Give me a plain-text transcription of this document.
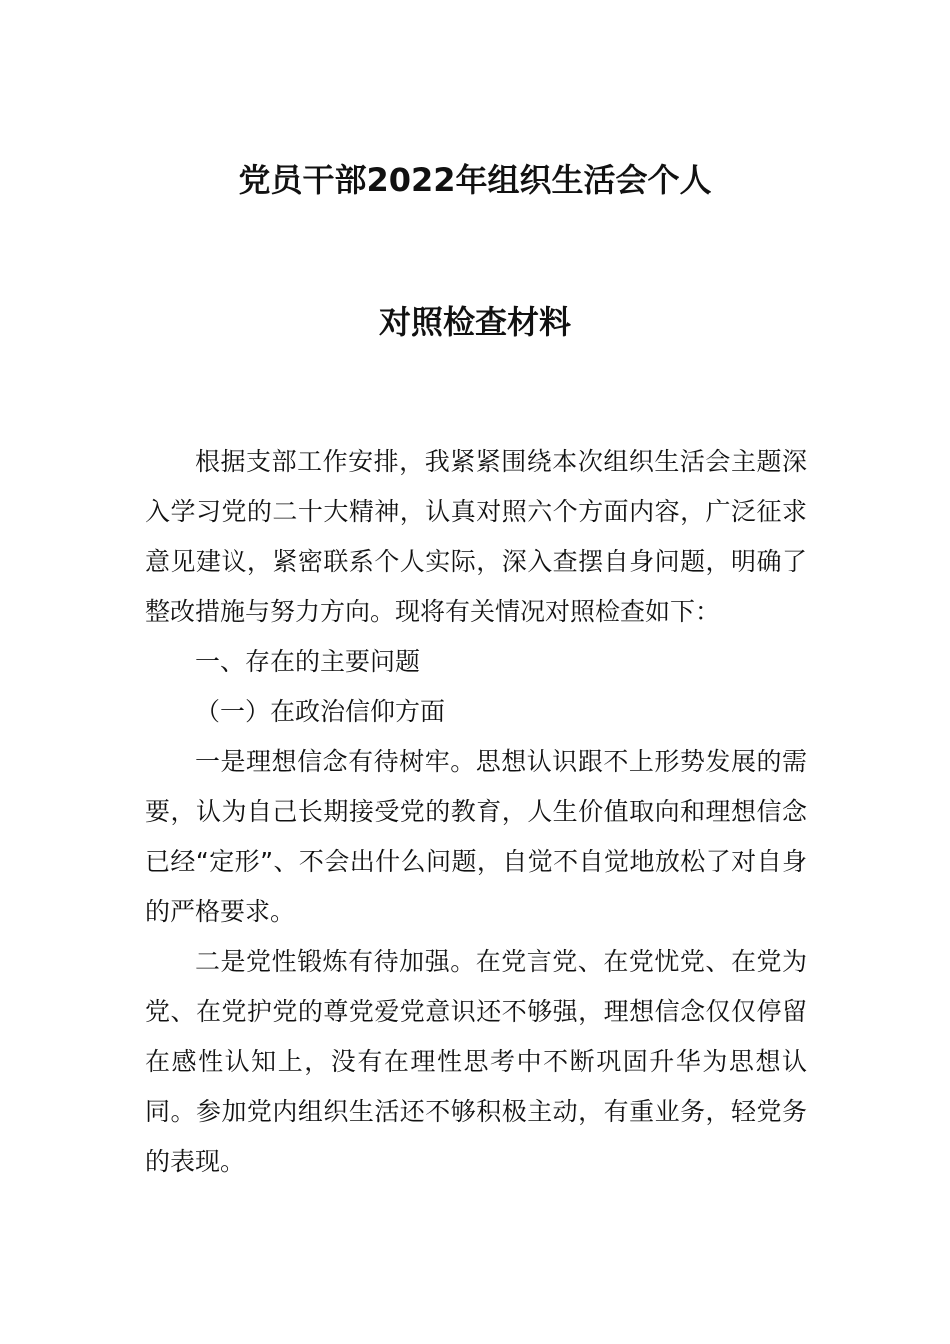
党员干部2022年组织生活会个人
对照检查材料

根据支部工作安排，我紧紧围绕本次组织生活会主题深入学习党的二十大精神，认真对照六个方面内容，广泛征求意见建议，紧密联系个人实际，深入查摆自身问题，明确了整改措施与努力方向。现将有关情况对照检查如下：

一、存在的主要问题

（一）在政治信仰方面

一是理想信念有待树牢。思想认识跟不上形势发展的需要，认为自己长期接受党的教育，人生价值取向和理想信念已经“定形”、不会出什么问题，自觉不自觉地放松了对自身的严格要求。

二是党性锻炼有待加强。在党言党、在党忧党、在党为党、在党护党的尊党爱党意识还不够强，理想信念仅仅停留在感性认知上，没有在理性思考中不断巩固升华为思想认同。参加党内组织生活还不够积极主动，有重业务，轻党务的表现。
